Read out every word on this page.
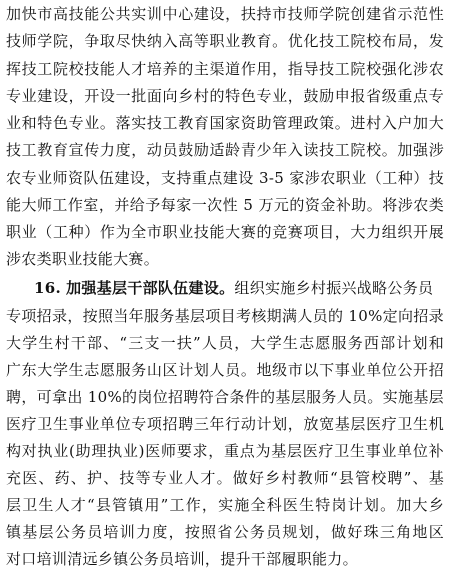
加快市高技能公共实训中心建设，扶持市技师学院创建省示范性
技师学院，争取尽快纳入高等职业教育。优化技工院校布局，发
挥技工院校技能人才培养的主渠道作用，指导技工院校强化涉农
专业建设，开设一批面向乡村的特色专业，鼓励申报省级重点专
业和特色专业。落实技工教育国家资助管理政策。进村入户加大
技工教育宣传力度，动员鼓励适龄青少年入读技工院校。加强涉
农专业师资队伍建设，支持重点建设 3-5 家涉农职业（工种）技
能大师工作室，并给予每家一次性 5 万元的资金补助。将涉农类
职业（工种）作为全市职业技能大赛的竞赛项目，大力组织开展
涉农类职业技能大赛。
16. 加强基层干部队伍建设。组织实施乡村振兴战略公务员
专项招录，按照当年服务基层项目考核期满人员的 10%定向招录
大学生村干部、“三支一扶”人员，大学生志愿服务西部计划和
广东大学生志愿服务山区计划人员。地级市以下事业单位公开招
聘，可拿出 10%的岗位招聘符合条件的基层服务人员。实施基层
医疗卫生事业单位专项招聘三年行动计划，放宽基层医疗卫生机
构对执业(助理执业)医师要求，重点为基层医疗卫生事业单位补
充医、药、护、技等专业人才。做好乡村教师“县管校聘”、基
层卫生人才“县管镇用”工作，实施全科医生特岗计划。加大乡
镇基层公务员培训力度，按照省公务员规划，做好珠三角地区
对口培训清远乡镇公务员培训，提升干部履职能力。
